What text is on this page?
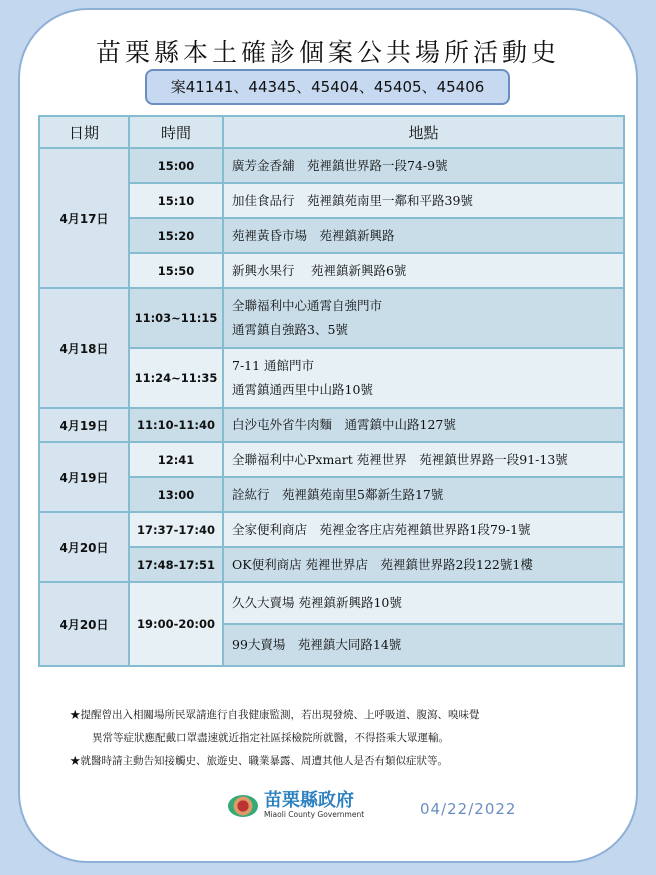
苗栗縣本土確診個案公共場所活動史
案41141、44345、45404、45405、45406
日期	時間	地點
4月17日	15:00	廣芳金香舖　苑裡鎮世界路一段74-9號

	15:10	加佳食品行　苑裡鎮苑南里一鄰和平路39號

	15:20	苑裡黃昏市場　苑裡鎮新興路

	15:50	新興水果行　 苑裡鎮新興路6號

4月18日	11:03~11:15	全聯福利中心通霄自強門市
通霄鎮自強路3、5號

	11:24~11:35	7-11 通館門市
通霄鎮通西里中山路10號

4月19日	11:10-11:40	白沙屯外省牛肉麵　通霄鎮中山路127號

4月19日	12:41	全聯福利中心Pxmart 苑裡世界　苑裡鎮世界路一段91-13號

	13:00	詮紘行　苑裡鎮苑南里5鄰新生路17號

4月20日	17:37-17:40	全家便利商店　苑裡金客庄店苑裡鎮世界路1段79-1號

	17:48-17:51	OK便利商店 苑裡世界店　苑裡鎮世界路2段122號1樓

4月20日	19:00-20:00	久久大賣場 苑裡鎮新興路10號

		99大賣場　苑裡鎮大同路14號
★提醒曾出入相關場所民眾請進行自我健康監測，若出現發燒、上呼吸道、腹瀉、嗅味覺
異常等症狀應配戴口罩盡速就近指定社區採檢院所就醫，不得搭乘大眾運輸。
★就醫時請主動告知接觸史、旅遊史、職業暴露、周遭其他人是否有類似症狀等。
苗栗縣政府
Miaoli County Government	04/22/2022
